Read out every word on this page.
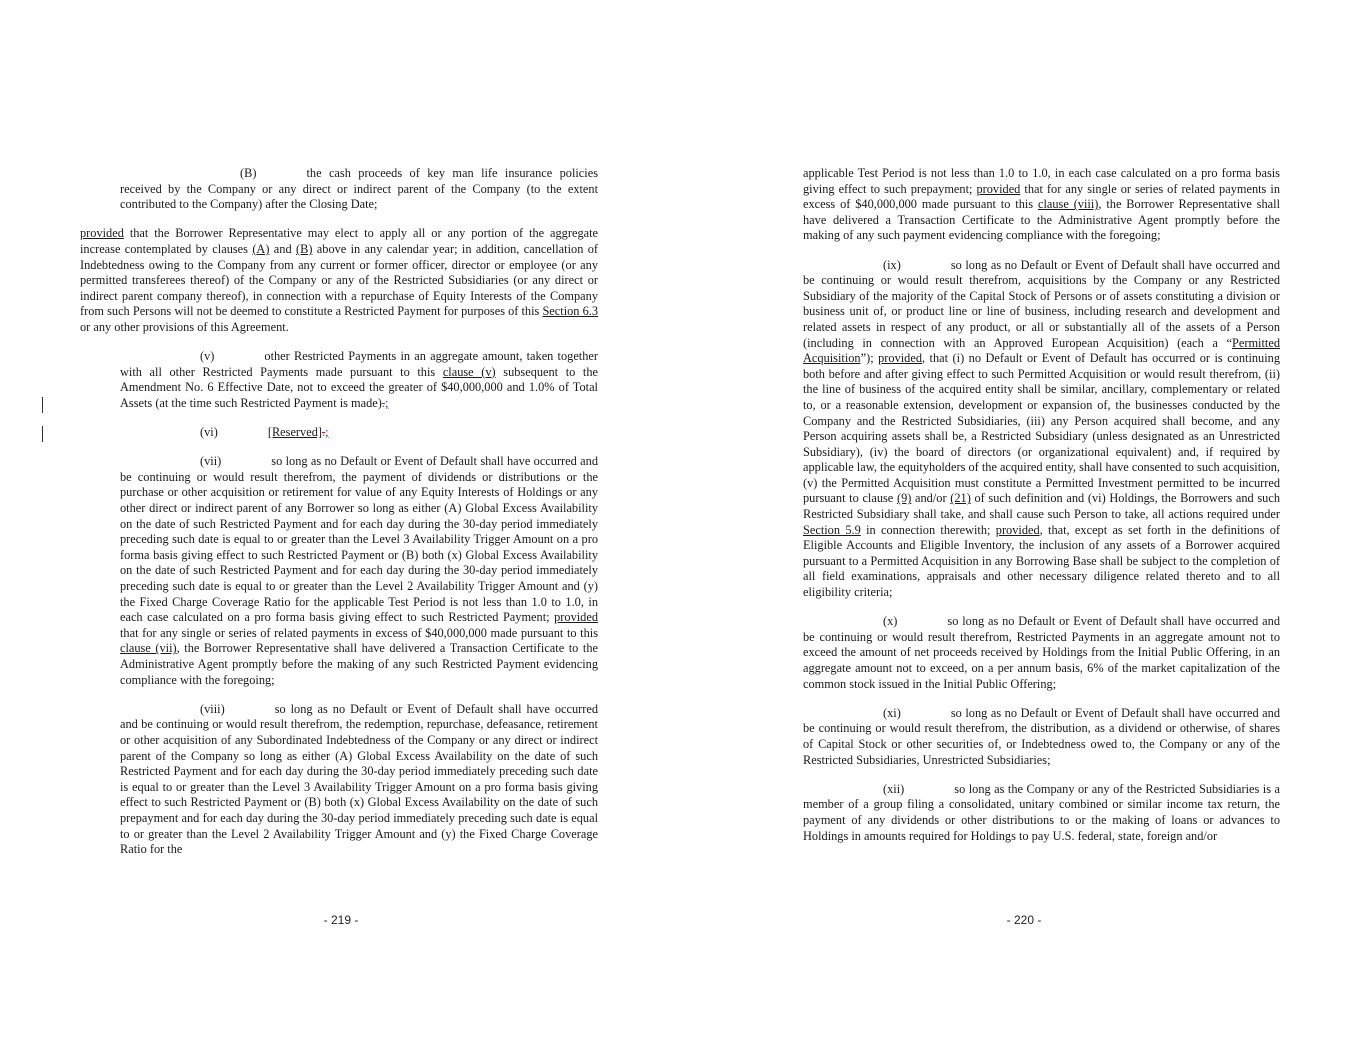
(B)	the cash proceeds of key man life insurance policies received by the Company or any direct or indirect parent of the Company (to the extent contributed to the Company) after the Closing Date;

provided that the Borrower Representative may elect to apply all or any portion of the aggregate increase contemplated by clauses (A) and (B) above in any calendar year; in addition, cancellation of Indebtedness owing to the Company from any current or former officer, director or employee (or any permitted transferees thereof) of the Company or any of the Restricted Subsidiaries (or any direct or indirect parent company thereof), in connection with a repurchase of Equity Interests of the Company from such Persons will not be deemed to constitute a Restricted Payment for purposes of this Section 6.3 or any other provisions of this Agreement.

(v)	other Restricted Payments in an aggregate amount, taken together with all other Restricted Payments made pursuant to this clause (v) subsequent to the Amendment No. 6 Effective Date, not to exceed the greater of $40,000,000 and 1.0% of Total Assets (at the time such Restricted Payment is made).;

(vi)	[Reserved].;

(vii)	so long as no Default or Event of Default shall have occurred and be continuing or would result therefrom, the payment of dividends or distributions or the purchase or other acquisition or retirement for value of any Equity Interests of Holdings or any other direct or indirect parent of any Borrower so long as either (A) Global Excess Availability on the date of such Restricted Payment and for each day during the 30-day period immediately preceding such date is equal to or greater than the Level 3 Availability Trigger Amount on a pro forma basis giving effect to such Restricted Payment or (B) both (x) Global Excess Availability on the date of such Restricted Payment and for each day during the 30-day period immediately preceding such date is equal to or greater than the Level 2 Availability Trigger Amount and (y) the Fixed Charge Coverage Ratio for the applicable Test Period is not less than 1.0 to 1.0, in each case calculated on a pro forma basis giving effect to such Restricted Payment; provided that for any single or series of related payments in excess of $40,000,000 made pursuant to this clause (vii), the Borrower Representative shall have delivered a Transaction Certificate to the Administrative Agent promptly before the making of any such Restricted Payment evidencing compliance with the foregoing;

(viii)	so long as no Default or Event of Default shall have occurred and be continuing or would result therefrom, the redemption, repurchase, defeasance, retirement or other acquisition of any Subordinated Indebtedness of the Company or any direct or indirect parent of the Company so long as either (A) Global Excess Availability on the date of such Restricted Payment and for each day during the 30-day period immediately preceding such date is equal to or greater than the Level 3 Availability Trigger Amount on a pro forma basis giving effect to such Restricted Payment or (B) both (x) Global Excess Availability on the date of such prepayment and for each day during the 30-day period immediately preceding such date is equal to or greater than the Level 2 Availability Trigger Amount and (y) the Fixed Charge Coverage Ratio for the

- 219 -

applicable Test Period is not less than 1.0 to 1.0, in each case calculated on a pro forma basis giving effect to such prepayment; provided that for any single or series of related payments in excess of $40,000,000 made pursuant to this clause (viii), the Borrower Representative shall have delivered a Transaction Certificate to the Administrative Agent promptly before the making of any such payment evidencing compliance with the foregoing;

(ix)	so long as no Default or Event of Default shall have occurred and be continuing or would result therefrom, acquisitions by the Company or any Restricted Subsidiary of the majority of the Capital Stock of Persons or of assets constituting a division or business unit of, or product line or line of business, including research and development and related assets in respect of any product, or all or substantially all of the assets of a Person (including in connection with an Approved European Acquisition) (each a “Permitted Acquisition”); provided, that (i) no Default or Event of Default has occurred or is continuing both before and after giving effect to such Permitted Acquisition or would result therefrom, (ii) the line of business of the acquired entity shall be similar, ancillary, complementary or related to, or a reasonable extension, development or expansion of, the businesses conducted by the Company and the Restricted Subsidiaries, (iii) any Person acquired shall become, and any Person acquiring assets shall be, a Restricted Subsidiary (unless designated as an Unrestricted Subsidiary), (iv) the board of directors (or organizational equivalent) and, if required by applicable law, the equityholders of the acquired entity, shall have consented to such acquisition, (v) the Permitted Acquisition must constitute a Permitted Investment permitted to be incurred pursuant to clause (9) and/or (21) of such definition and (vi) Holdings, the Borrowers and such Restricted Subsidiary shall take, and shall cause such Person to take, all actions required under Section 5.9 in connection therewith; provided, that, except as set forth in the definitions of Eligible Accounts and Eligible Inventory, the inclusion of any assets of a Borrower acquired pursuant to a Permitted Acquisition in any Borrowing Base shall be subject to the completion of all field examinations, appraisals and other necessary diligence related thereto and to all eligibility criteria;

(x)	so long as no Default or Event of Default shall have occurred and be continuing or would result therefrom, Restricted Payments in an aggregate amount not to exceed the amount of net proceeds received by Holdings from the Initial Public Offering, in an aggregate amount not to exceed, on a per annum basis, 6% of the market capitalization of the common stock issued in the Initial Public Offering;

(xi)	so long as no Default or Event of Default shall have occurred and be continuing or would result therefrom, the distribution, as a dividend or otherwise, of shares of Capital Stock or other securities of, or Indebtedness owed to, the Company or any of the Restricted Subsidiaries, Unrestricted Subsidiaries;

(xii)	so long as the Company or any of the Restricted Subsidiaries is a member of a group filing a consolidated, unitary combined or similar income tax return, the payment of any dividends or other distributions to or the making of loans or advances to Holdings in amounts required for Holdings to pay U.S. federal, state, foreign and/or

- 220 -
